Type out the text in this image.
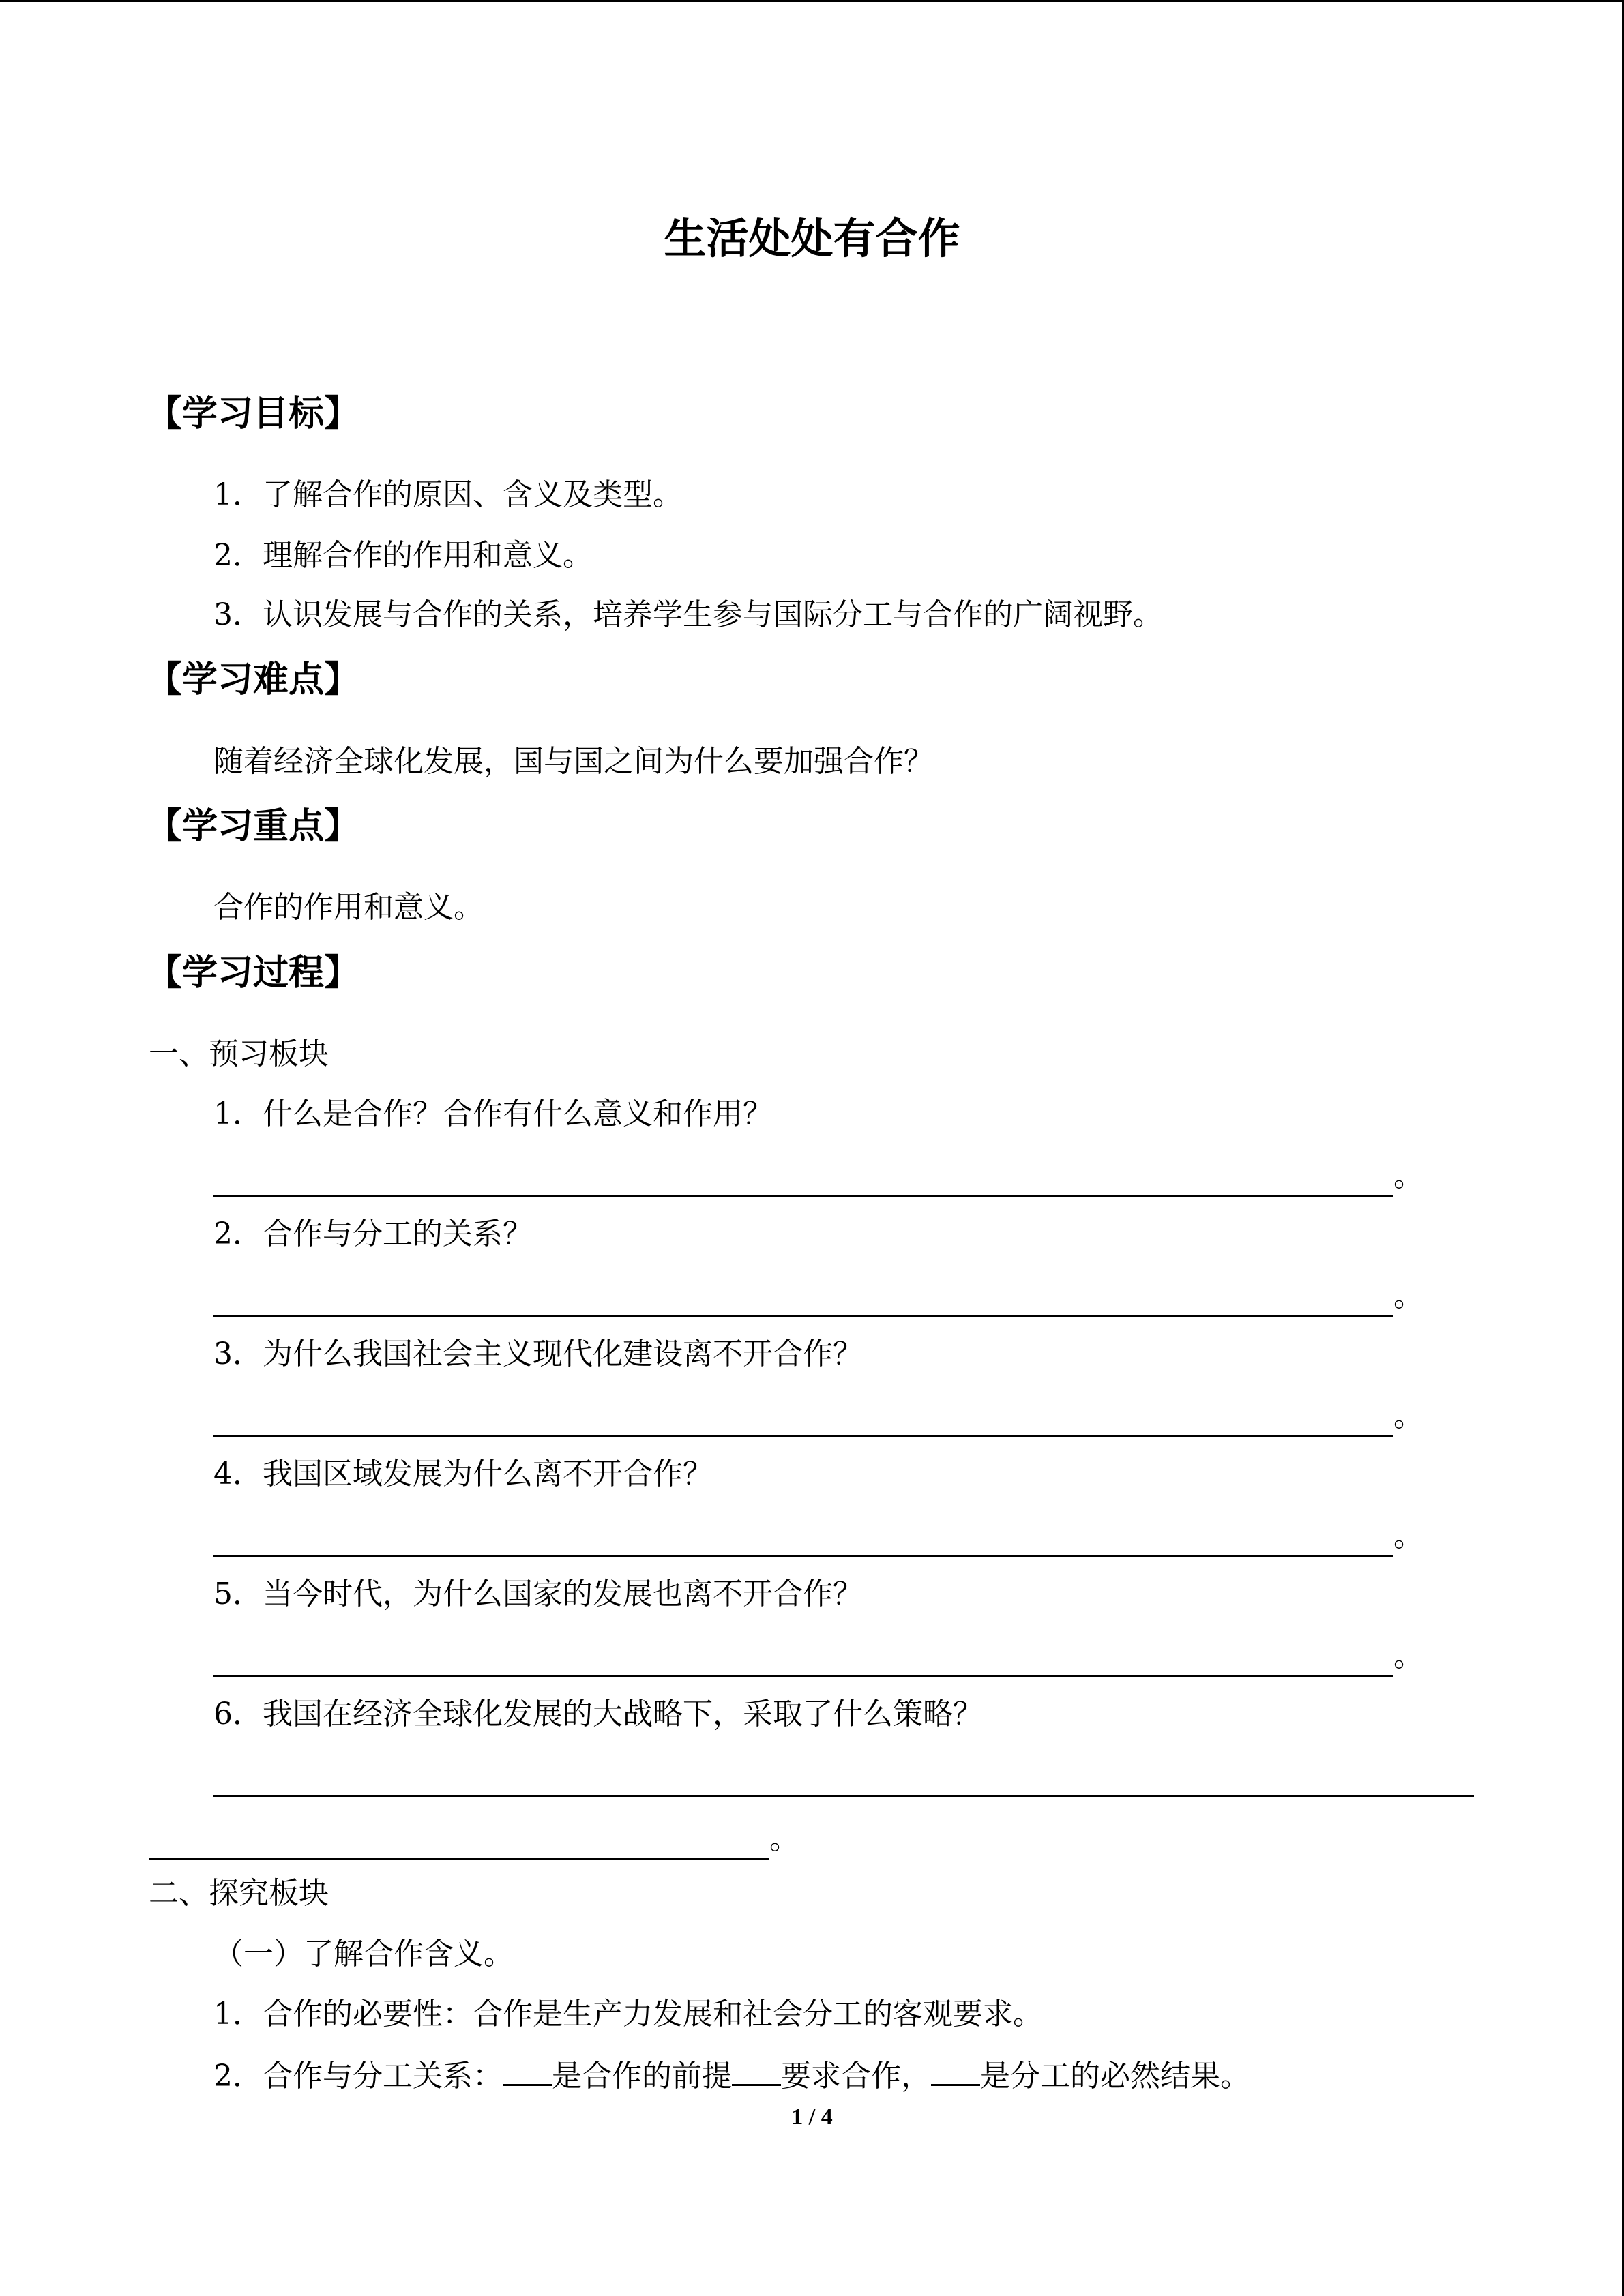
生活处处有合作
【学习目标】
1．了解合作的原因、含义及类型。
2．理解合作的作用和意义。
3．认识发展与合作的关系，培养学生参与国际分工与合作的广阔视野。
【学习难点】
随着经济全球化发展，国与国之间为什么要加强合作？
【学习重点】
合作的作用和意义。
【学习过程】
一、预习板块
1．什么是合作？合作有什么意义和作用？
。
2．合作与分工的关系？
。
3．为什么我国社会主义现代化建设离不开合作？
。
4．我国区域发展为什么离不开合作？
。
5．当今时代，为什么国家的发展也离不开合作？
。
6．我国在经济全球化发展的大战略下，采取了什么策略？
。
二、探究板块
（一）了解合作含义。
1．合作的必要性：合作是生产力发展和社会分工的客观要求。
2．合作与分工关系： 是合作的前提 要求合作， 是分工的必然结果。
1 / 4
